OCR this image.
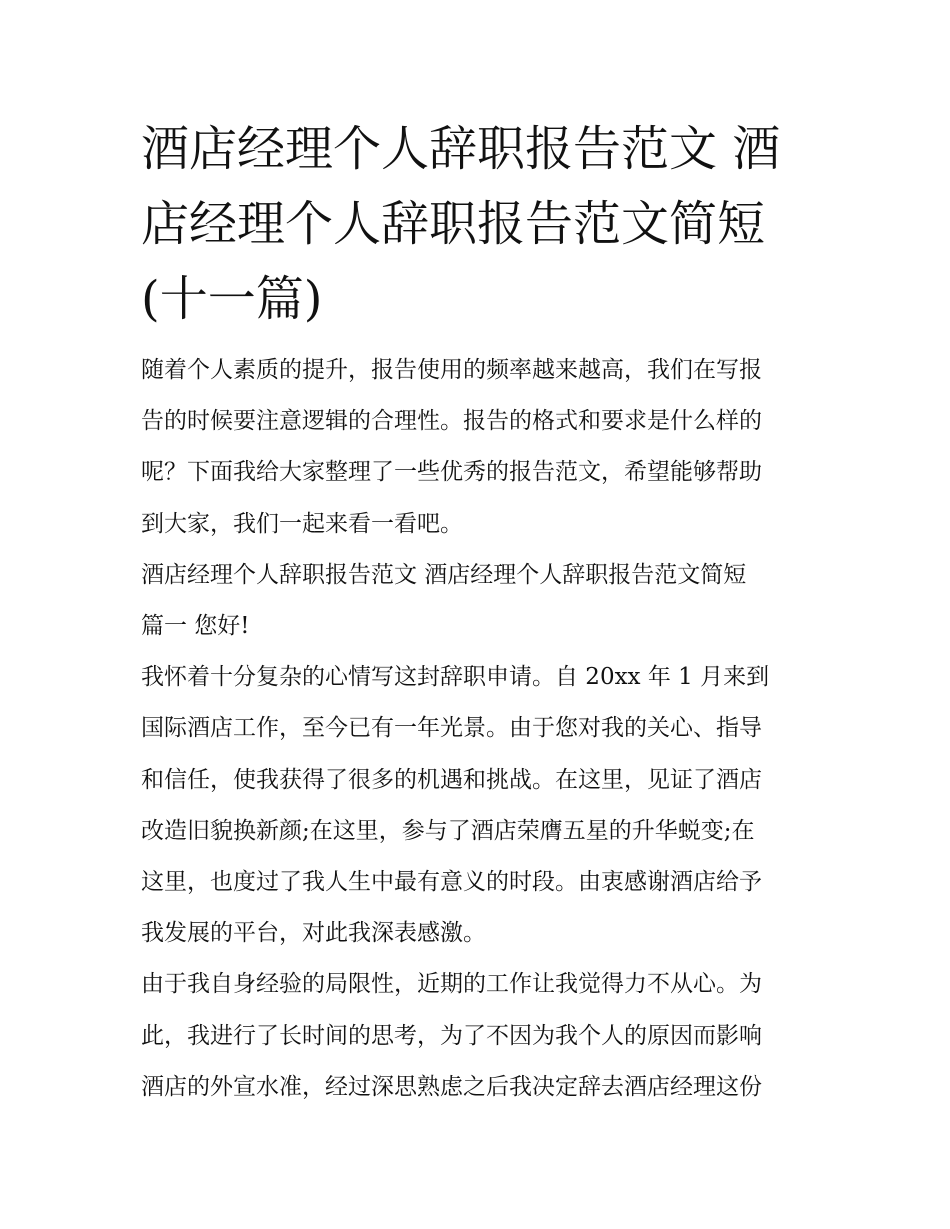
酒店经理个人辞职报告范文 酒
店经理个人辞职报告范文简短
(十一篇)

随着个人素质的提升，报告使用的频率越来越高，我们在写报
告的时候要注意逻辑的合理性。报告的格式和要求是什么样的
呢？下面我给大家整理了一些优秀的报告范文，希望能够帮助
到大家，我们一起来看一看吧。

酒店经理个人辞职报告范文 酒店经理个人辞职报告范文简短
篇一 您好!

我怀着十分复杂的心情写这封辞职申请。自 20xx 年 1 月来到
国际酒店工作，至今已有一年光景。由于您对我的关心、指导
和信任，使我获得了很多的机遇和挑战。在这里，见证了酒店
改造旧貌换新颜;在这里，参与了酒店荣膺五星的升华蜕变;在
这里，也度过了我人生中最有意义的时段。由衷感谢酒店给予
我发展的平台，对此我深表感激。

由于我自身经验的局限性，近期的工作让我觉得力不从心。为
此，我进行了长时间的思考，为了不因为我个人的原因而影响
酒店的外宣水准，经过深思熟虑之后我决定辞去酒店经理这份
